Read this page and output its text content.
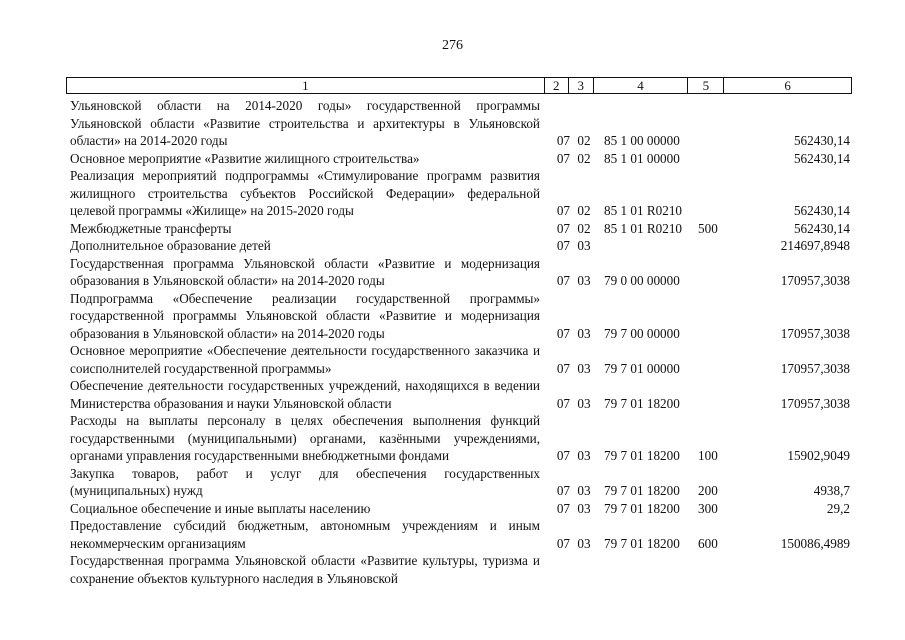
276
1	2	3	4	5	6
Ульяновской области на 2014-2020 годы» государственной программы Ульяновской области «Развитие строительства и архитектуры в Ульяновской области» на 2014-2020 годы	07 02	85 1 00 00000	562430,14
Основное мероприятие «Развитие жилищного строительства»	07 02	85 1 01 00000	562430,14
Реализация мероприятий подпрограммы «Стимулирование программ развития жилищного строительства субъектов Российской Федерации» федеральной целевой программы «Жилище» на 2015-2020 годы	07 02	85 1 01 R0210	562430,14
Межбюджетные трансферты	07 02	85 1 01 R0210	500	562430,14
Дополнительное образование детей	07 03	214697,8948
Государственная программа Ульяновской области «Развитие и модернизация образования в Ульяновской области» на 2014-2020 годы	07 03	79 0 00 00000	170957,3038
Подпрограмма «Обеспечение реализации государственной программы» государственной программы Ульяновской области «Развитие и модернизация образования в Ульяновской области» на 2014-2020 годы	07 03	79 7 00 00000	170957,3038
Основное мероприятие «Обеспечение деятельности государственного заказчика и соисполнителей государственной программы»	07 03	79 7 01 00000	170957,3038
Обеспечение деятельности государственных учреждений, находящихся в ведении Министерства образования и науки Ульяновской области	07 03	79 7 01 18200	170957,3038
Расходы на выплаты персоналу в целях обеспечения выполнения функций государственными (муниципальными) органами, казёнными учреждениями, органами управления государственными внебюджетными фондами	07 03	79 7 01 18200	100	15902,9049
Закупка товаров, работ и услуг для обеспечения государственных (муниципальных) нужд	07 03	79 7 01 18200	200	4938,7
Социальное обеспечение и иные выплаты населению	07 03	79 7 01 18200	300	29,2
Предоставление субсидий бюджетным, автономным учреждениям и иным некоммерческим организациям	07 03	79 7 01 18200	600	150086,4989
Государственная программа Ульяновской области «Развитие культуры, туризма и сохранение объектов культурного наследия в Ульяновской
